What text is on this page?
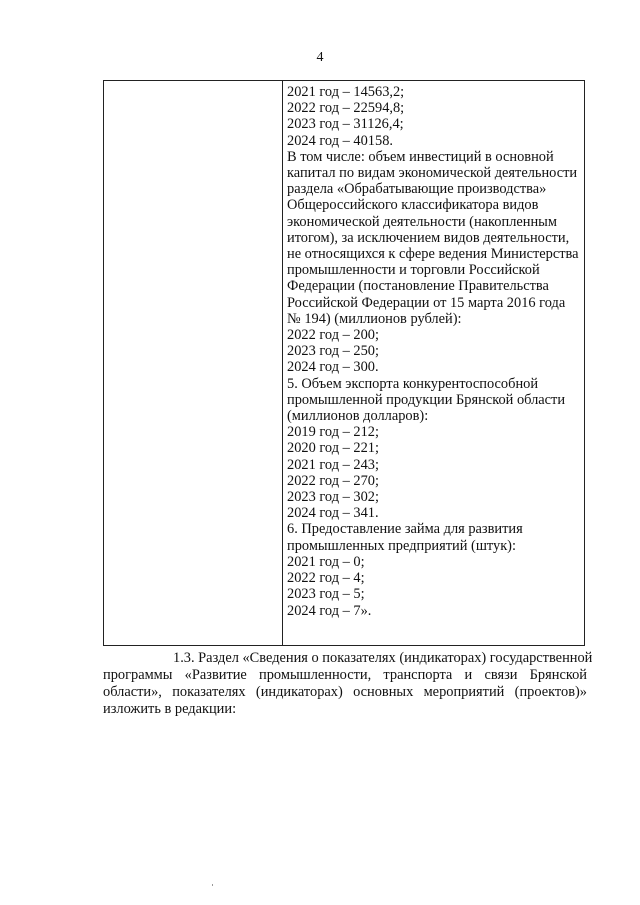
4
2021 год – 14563,2;
2022 год – 22594,8;
2023 год – 31126,4;
2024 год – 40158.
В том числе: объем инвестиций в основной
капитал по видам экономической деятельности
раздела «Обрабатывающие производства»
Общероссийского классификатора видов
экономической деятельности (накопленным
итогом), за исключением видов деятельности,
не относящихся к сфере ведения Министерства
промышленности и торговли Российской
Федерации (постановление Правительства
Российской Федерации от 15 марта 2016 года
№ 194) (миллионов рублей):
2022 год – 200;
2023 год – 250;
2024 год – 300.
5. Объем экспорта конкурентоспособной
промышленной продукции Брянской области
(миллионов долларов):
2019 год – 212;
2020 год – 221;
2021 год – 243;
2022 год – 270;
2023 год – 302;
2024 год – 341.
6. Предоставление займа для развития
промышленных предприятий (штук):
2021 год – 0;
2022 год – 4;
2023 год – 5;
2024 год – 7».
1.3. Раздел «Сведения о показателях (индикаторах) государственной
программы «Развитие промышленности, транспорта и связи Брянской
области», показателях (индикаторах) основных мероприятий (проектов)»
изложить в редакции:
